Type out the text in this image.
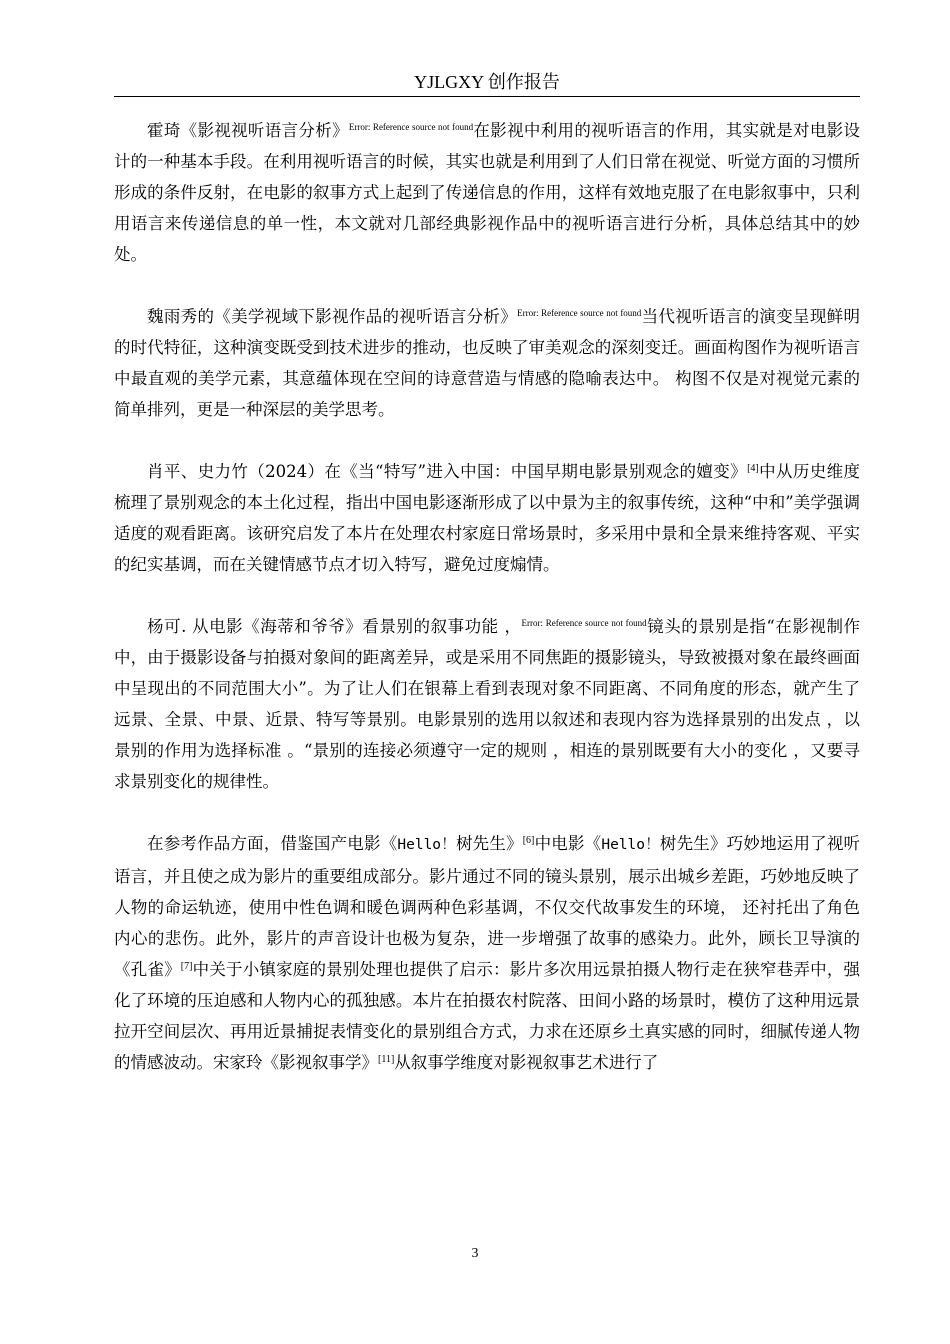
YJLGXY 创作报告

霍琦《影视视听语言分析》$^{Error: Reference source not found}$在影视中利用的视听语言的作用，其实就是对电影设计的一种基本手段。在利用视听语言的时候，其实也就是利用到了人们日常在视觉、听觉方面的习惯所形成的条件反射，在电影的叙事方式上起到了传递信息的作用，这样有效地克服了在电影叙事中，只利用语言来传递信息的单一性，本文就对几部经典影视作品中的视听语言进行分析，具体总结其中的妙处。

魏雨秀的《美学视域下影视作品的视听语言分析》$^{Error: Reference source not found}$当代视听语言的演变呈现鲜明的时代特征，这种演变既受到技术进步的推动，也反映了审美观念的深刻变迁。画面构图作为视听语言中最直观的美学元素，其意蕴体现在空间的诗意营造与情感的隐喻表达中。 构图不仅是对视觉元素的简单排列，更是一种深层的美学思考。

肖平、史力竹（2024）在《当“特写”进入中国：中国早期电影景别观念的嬗变》[4]中从历史维度梳理了景别观念的本土化过程，指出中国电影逐渐形成了以中景为主的叙事传统，这种“中和”美学强调适度的观看距离。该研究启发了本片在处理农村家庭日常场景时，多采用中景和全景来维持客观、平实的纪实基调，而在关键情感节点才切入特写，避免过度煽情。

杨可. 从电影《海蒂和爷爷》看景别的叙事功能 ，$^{Error: Reference source not found}$镜头的景别是指“在影视制作中，由于摄影设备与拍摄对象间的距离差异，或是采用不同焦距的摄影镜头，导致被摄对象在最终画面中呈现出的不同范围大小”。为了让人们在银幕上看到表现对象不同距离、不同角度的形态，就产生了远景、全景、中景、近景、特写等景别。电影景别的选用以叙述和表现内容为选择景别的出发点 ，以景别的作用为选择标准 。“景别的连接必须遵守一定的规则 ，相连的景别既要有大小的变化 ，又要寻求景别变化的规律性。

在参考作品方面，借鉴国产电影《Hello！树先生》[6]中电影《Hello！树先生》巧妙地运用了视听语言，并且使之成为影片的重要组成部分。影片通过不同的镜头景别，展示出城乡差距，巧妙地反映了人物的命运轨迹，使用中性色调和暖色调两种色彩基调，不仅交代故事发生的环境， 还衬托出了角色内心的悲伤。此外，影片的声音设计也极为复杂，进一步增强了故事的感染力。此外，顾长卫导演的《孔雀》[7]中关于小镇家庭的景别处理也提供了启示：影片多次用远景拍摄人物行走在狭窄巷弄中，强化了环境的压迫感和人物内心的孤独感。本片在拍摄农村院落、田间小路的场景时，模仿了这种用远景拉开空间层次、再用近景捕捉表情变化的景别组合方式，力求在还原乡土真实感的同时，细腻传递人物的情感波动。宋家玲《影视叙事学》[11]从叙事学维度对影视叙事艺术进行了

3
